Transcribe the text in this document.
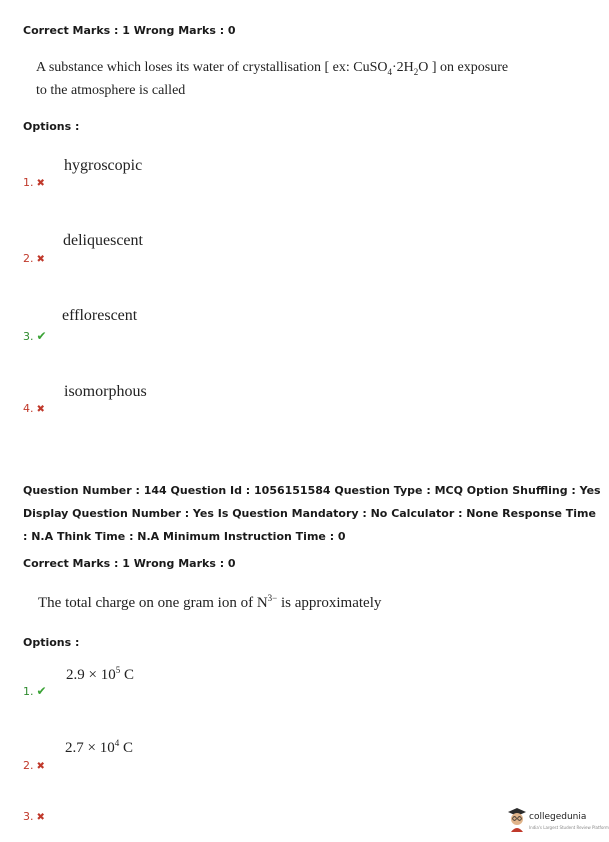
Correct Marks : 1 Wrong Marks : 0
A substance which loses its water of crystallisation [ ex: $CuSO_4\cdot 2H_2O$ ] on exposure
to the atmosphere is called
Options :
hygroscopic
1. ✖
deliquescent
2. ✖
efflorescent
3. ✔
isomorphous
4. ✖
Question Number : 144 Question Id : 1056151584 Question Type : MCQ Option Shuffling : Yes
Display Question Number : Yes Is Question Mandatory : No Calculator : None Response Time
: N.A Think Time : N.A Minimum Instruction Time : 0
Correct Marks : 1 Wrong Marks : 0
The total charge on one gram ion of $N^{3-}$ is approximately
Options :
$2.9 \times 10^5$ C
1. ✔
$2.7 \times 10^4$ C
2. ✖
3. ✖	collegedunia
India's Largest Student Review Platform
